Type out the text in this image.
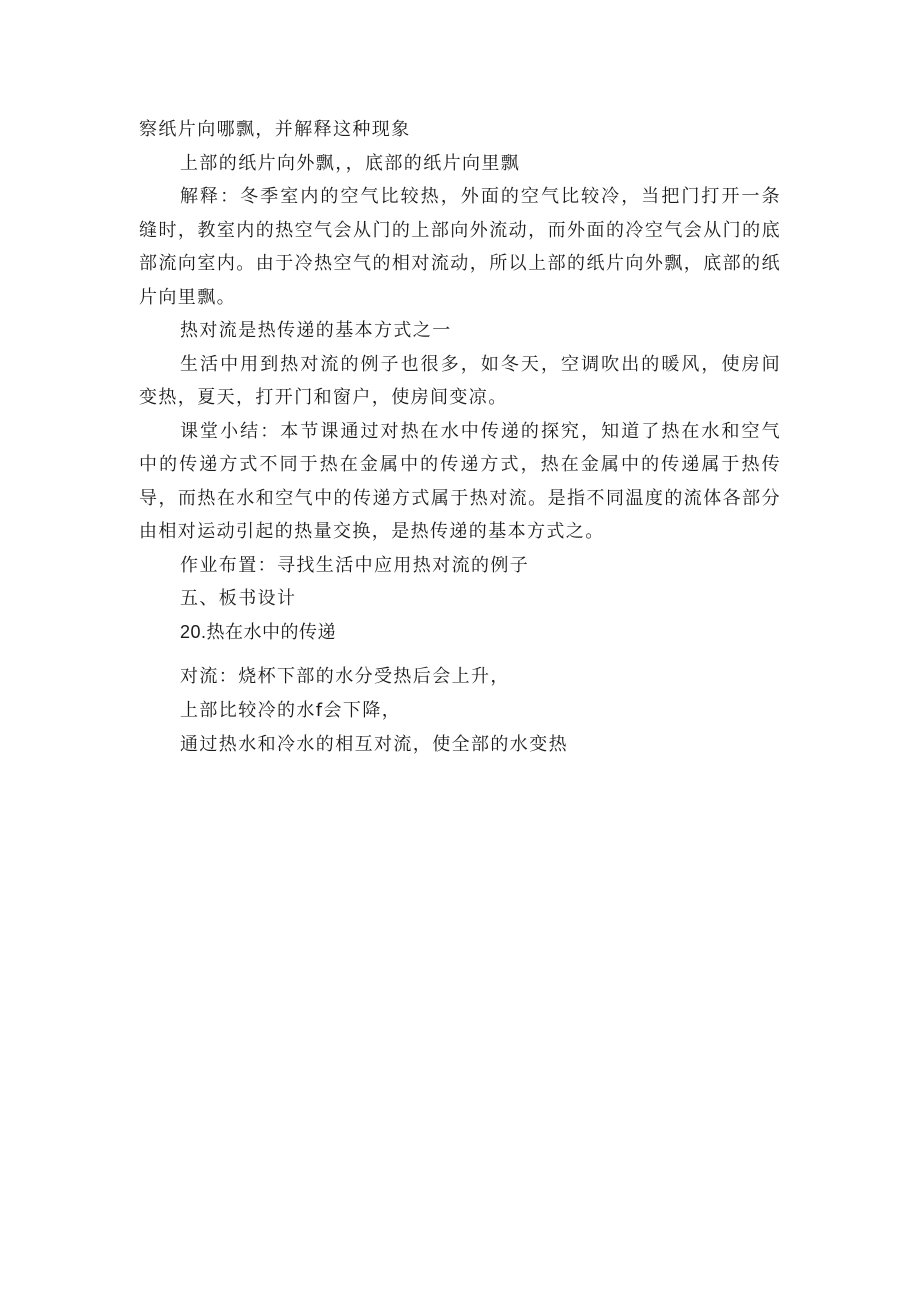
察纸片向哪飘，并解释这种现象

上部的纸片向外飘，，底部的纸片向里飘

解释：冬季室内的空气比较热，外面的空气比较冷，当把门打开一条缝时，教室内的热空气会从门的上部向外流动，而外面的冷空气会从门的底部流向室内。由于冷热空气的相对流动，所以上部的纸片向外飘，底部的纸片向里飘。

热对流是热传递的基本方式之一

生活中用到热对流的例子也很多，如冬天，空调吹出的暖风，使房间变热，夏天，打开门和窗户，使房间变凉。

课堂小结：本节课通过对热在水中传递的探究，知道了热在水和空气中的传递方式不同于热在金属中的传递方式，热在金属中的传递属于热传导，而热在水和空气中的传递方式属于热对流。是指不同温度的流体各部分由相对运动引起的热量交换，是热传递的基本方式之。

作业布置：寻找生活中应用热对流的例子

五、板书设计

20.热在水中的传递

对流：烧杯下部的水分受热后会上升，

上部比较冷的水f会下降，

通过热水和冷水的相互对流，使全部的水变热
